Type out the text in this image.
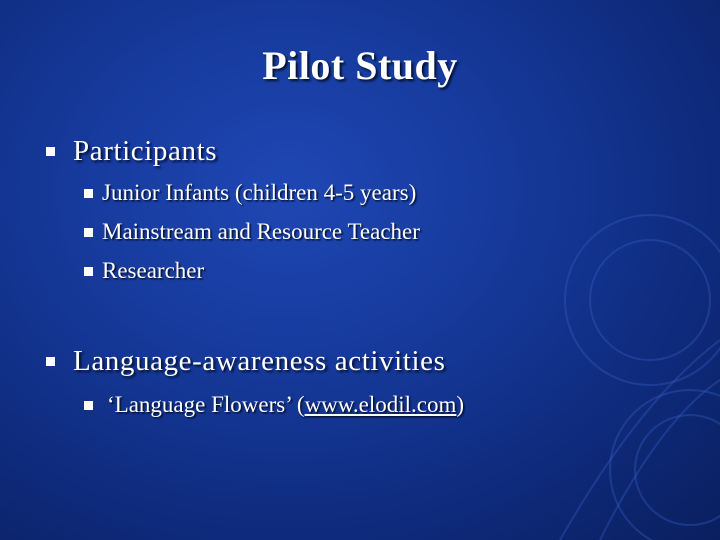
Pilot Study
Participants
Junior Infants (children 4-5 years)
Mainstream and Resource Teacher
Researcher
Language-awareness activities
‘Language Flowers’ (www.elodil.com)
